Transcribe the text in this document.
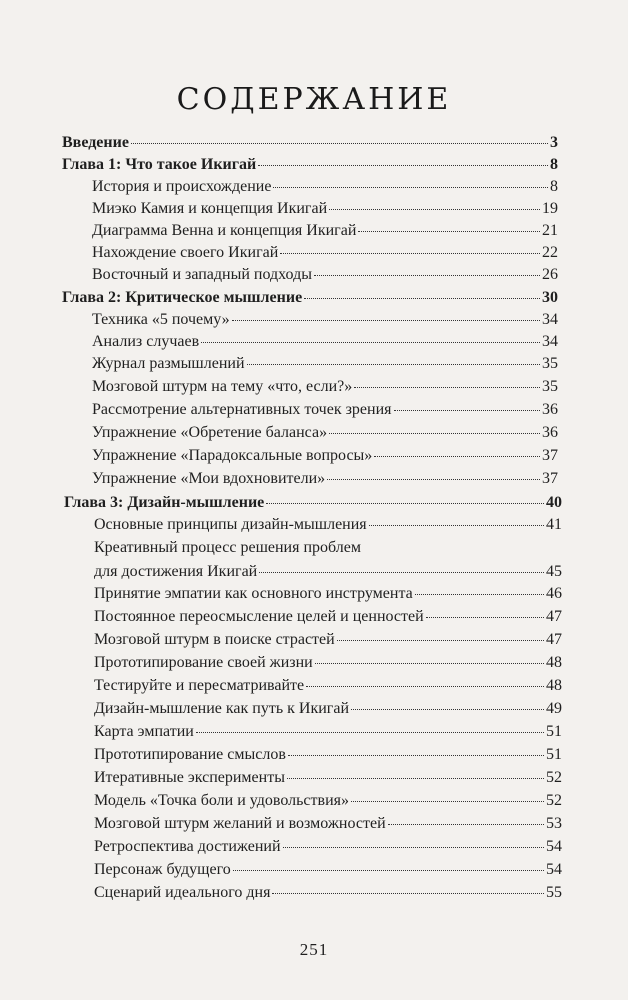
СОДЕРЖАНИЕ
Введение	3
Глава 1: Что такое Икигай	8
История и происхождение	8
Миэко Камия и концепция Икигай	19
Диаграмма Венна и концепция Икигай	21
Нахождение своего Икигай	22
Восточный и западный подходы	26
Глава 2: Критическое мышление	30
Техника «5 почему»	34
Анализ случаев	34
Журнал размышлений	35
Мозговой штурм на тему «что, если?»	35
Рассмотрение альтернативных точек зрения	36
Упражнение «Обретение баланса»	36
Упражнение «Парадоксальные вопросы»	37
Упражнение «Мои вдохновители»	37
Глава 3: Дизайн-мышление	40
Основные принципы дизайн-мышления	41
Креативный процесс решения проблем
для достижения Икигай	45
Принятие эмпатии как основного инструмента	46
Постоянное переосмысление целей и ценностей	47
Мозговой штурм в поиске страстей	47
Прототипирование своей жизни	48
Тестируйте и пересматривайте	48
Дизайн-мышление как путь к Икигай	49
Карта эмпатии	51
Прототипирование смыслов	51
Итеративные эксперименты	52
Модель «Точка боли и удовольствия»	52
Мозговой штурм желаний и возможностей	53
Ретроспектива достижений	54
Персонаж будущего	54
Сценарий идеального дня	55
251
